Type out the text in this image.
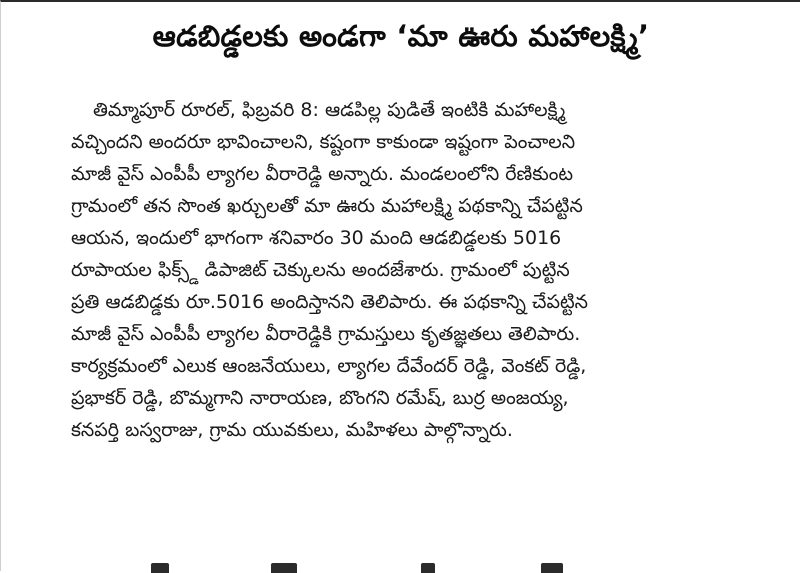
ఆడబిడ్డలకు అండగా ‘మా ఊరు మహాలక్ష్మి’
తిమ్మాపూర్ రూరల్, ఫిబ్రవరి 8: ఆడపిల్ల పుడితే ఇంటికి మహాలక్ష్మి
వచ్చిందని అందరూ భావించాలని, కష్టంగా కాకుండా ఇష్టంగా పెంచాలని
మాజీ వైస్ ఎంపీపీ ల్యాగల వీరారెడ్డి అన్నారు. మండలంలోని రేణికుంట
గ్రామంలో తన సొంత ఖర్చులతో మా ఊరు మహాలక్ష్మి పథకాన్ని చేపట్టిన
ఆయన, ఇందులో భాగంగా శనివారం 30 మంది ఆడబిడ్డలకు 5016
రూపాయల ఫిక్స్డ్ డిపాజిట్ చెక్కులను అందజేశారు. గ్రామంలో పుట్టిన
ప్రతి ఆడబిడ్డకు రూ.5016 అందిస్తానని తెలిపారు. ఈ పథకాన్ని చేపట్టిన
మాజీ వైస్ ఎంపీపీ ల్యాగల వీరారెడ్డికి గ్రామస్తులు కృతజ్ఞతలు తెలిపారు.
కార్యక్రమంలో ఎలుక ఆంజనేయులు, ల్యాగల దేవేందర్ రెడ్డి, వెంకట్ రెడ్డి,
ప్రభాకర్ రెడ్డి, బొమ్మగాని నారాయణ, బొంగని రమేష్, బుర్ర అంజయ్య,
కనపర్తి బస్వరాజు, గ్రామ యువకులు, మహిళలు పాల్గొన్నారు.
